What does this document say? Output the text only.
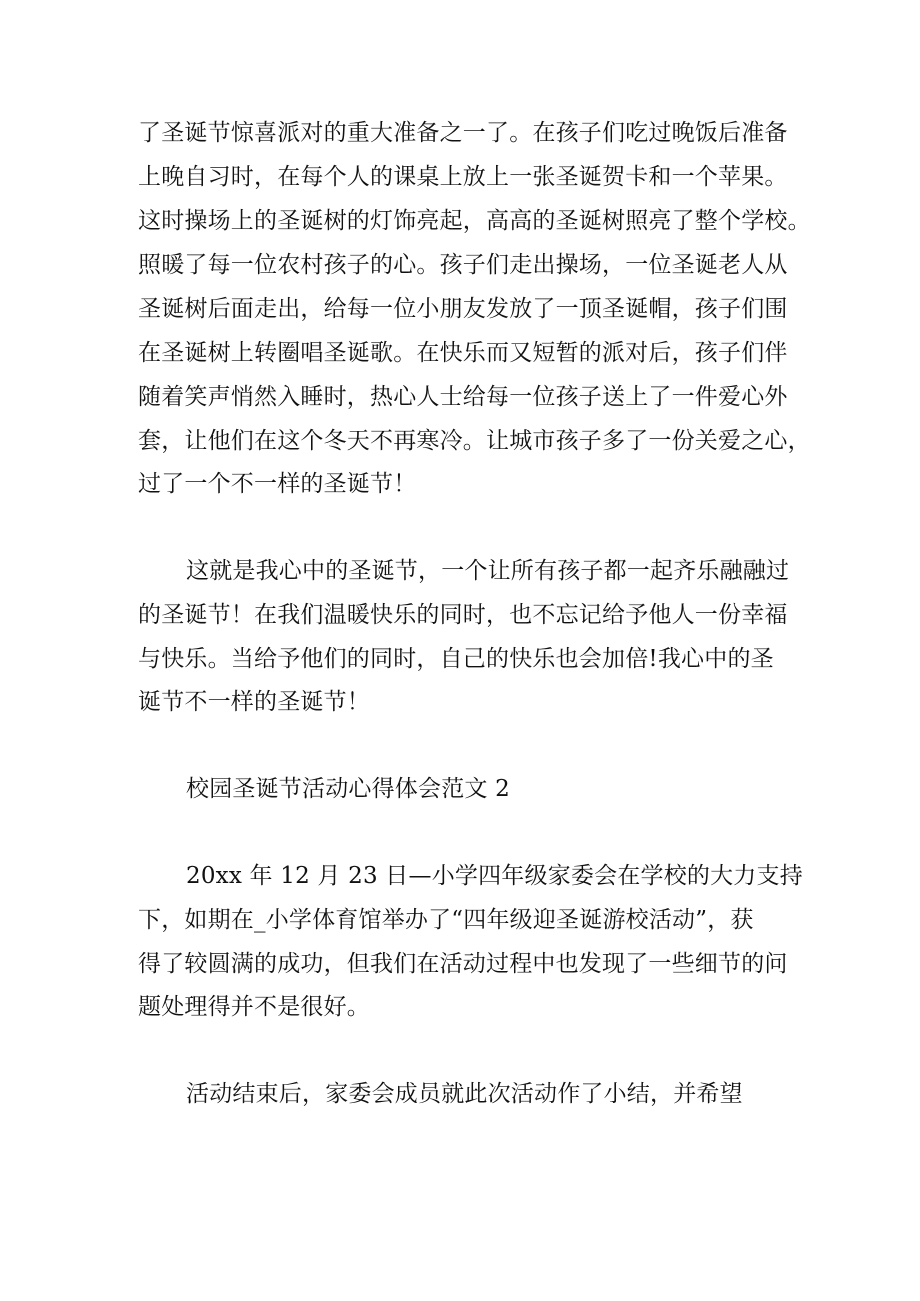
了圣诞节惊喜派对的重大准备之一了。在孩子们吃过晚饭后准备
上晚自习时，在每个人的课桌上放上一张圣诞贺卡和一个苹果。
这时操场上的圣诞树的灯饰亮起，高高的圣诞树照亮了整个学校。
照暖了每一位农村孩子的心。孩子们走出操场，一位圣诞老人从
圣诞树后面走出，给每一位小朋友发放了一顶圣诞帽，孩子们围
在圣诞树上转圈唱圣诞歌。在快乐而又短暂的派对后，孩子们伴
随着笑声悄然入睡时，热心人士给每一位孩子送上了一件爱心外
套，让他们在这个冬天不再寒冷。让城市孩子多了一份关爱之心，
过了一个不一样的圣诞节！
这就是我心中的圣诞节，一个让所有孩子都一起齐乐融融过
的圣诞节！在我们温暖快乐的同时，也不忘记给予他人一份幸福
与快乐。当给予他们的同时，自己的快乐也会加倍!我心中的圣
诞节不一样的圣诞节！
校园圣诞节活动心得体会范文 2
20xx 年 12 月 23 日—小学四年级家委会在学校的大力支持
下，如期在_小学体育馆举办了“四年级迎圣诞游校活动”，获
得了较圆满的成功，但我们在活动过程中也发现了一些细节的问
题处理得并不是很好。
活动结束后，家委会成员就此次活动作了小结，并希望
